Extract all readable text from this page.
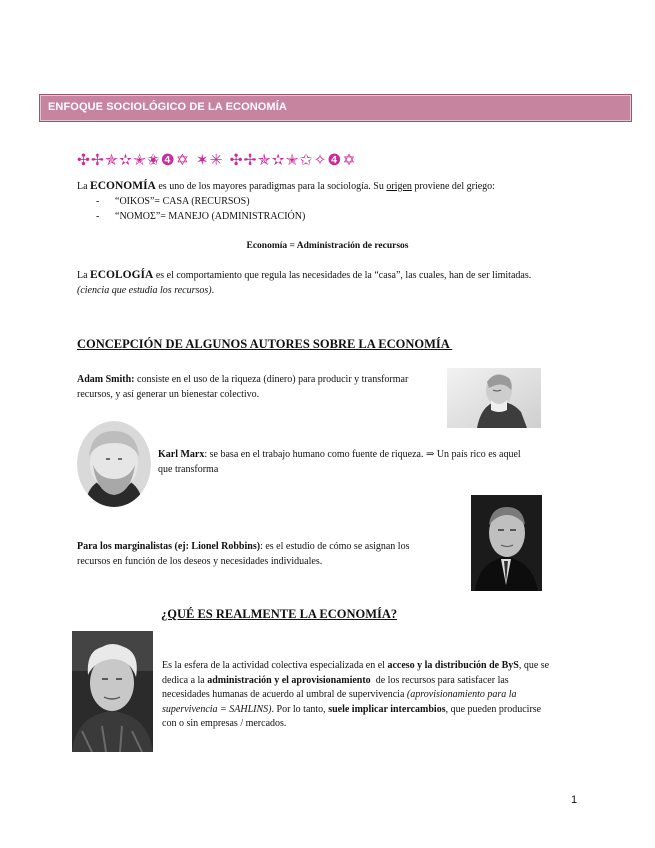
ENFOQUE SOCIOLÓGICO DE LA ECONOMÍA
✣✢✯✫✭✬❹✡ ✶✳ ✣✢✯✫✭✩✧❹✡
La ECONOMÍA es uno de los mayores paradigmas para la sociología. Su origen proviene del griego:
- “OIKOS”= CASA (RECURSOS)
- “NOMOΣ”= MANEJO (ADMINISTRACIÓN)
Economía = Administración de recursos
La ECOLOGÍA es el comportamiento que regula las necesidades de la “casa”, las cuales, han de ser limitadas.
(ciencia que estudia los recursos).
CONCEPCIÓN DE ALGUNOS AUTORES SOBRE LA ECONOMÍA
Adam Smith: consiste en el uso de la riqueza (dinero) para producir y transformar
recursos, y así generar un bienestar colectivo.
Karl Marx: se basa en el trabajo humano como fuente de riqueza. ⇒ Un país rico es aquel
que transforma
Para los marginalistas (ej: Lionel Robbins): es el estudio de cómo se asignan los
recursos en función de los deseos y necesidades individuales.
¿QUÉ ES REALMENTE LA ECONOMÍA?
Es la esfera de la actividad colectiva especializada en el acceso y la distribución de ByS, que se
dedica a la administración y el aprovisionamiento  de los recursos para satisfacer las
necesidades humanas de acuerdo al umbral de supervivencia (aprovisionamiento para la
supervivencia = SAHLINS). Por lo tanto, suele implicar intercambios, que pueden producirse
con o sin empresas / mercados.
1
